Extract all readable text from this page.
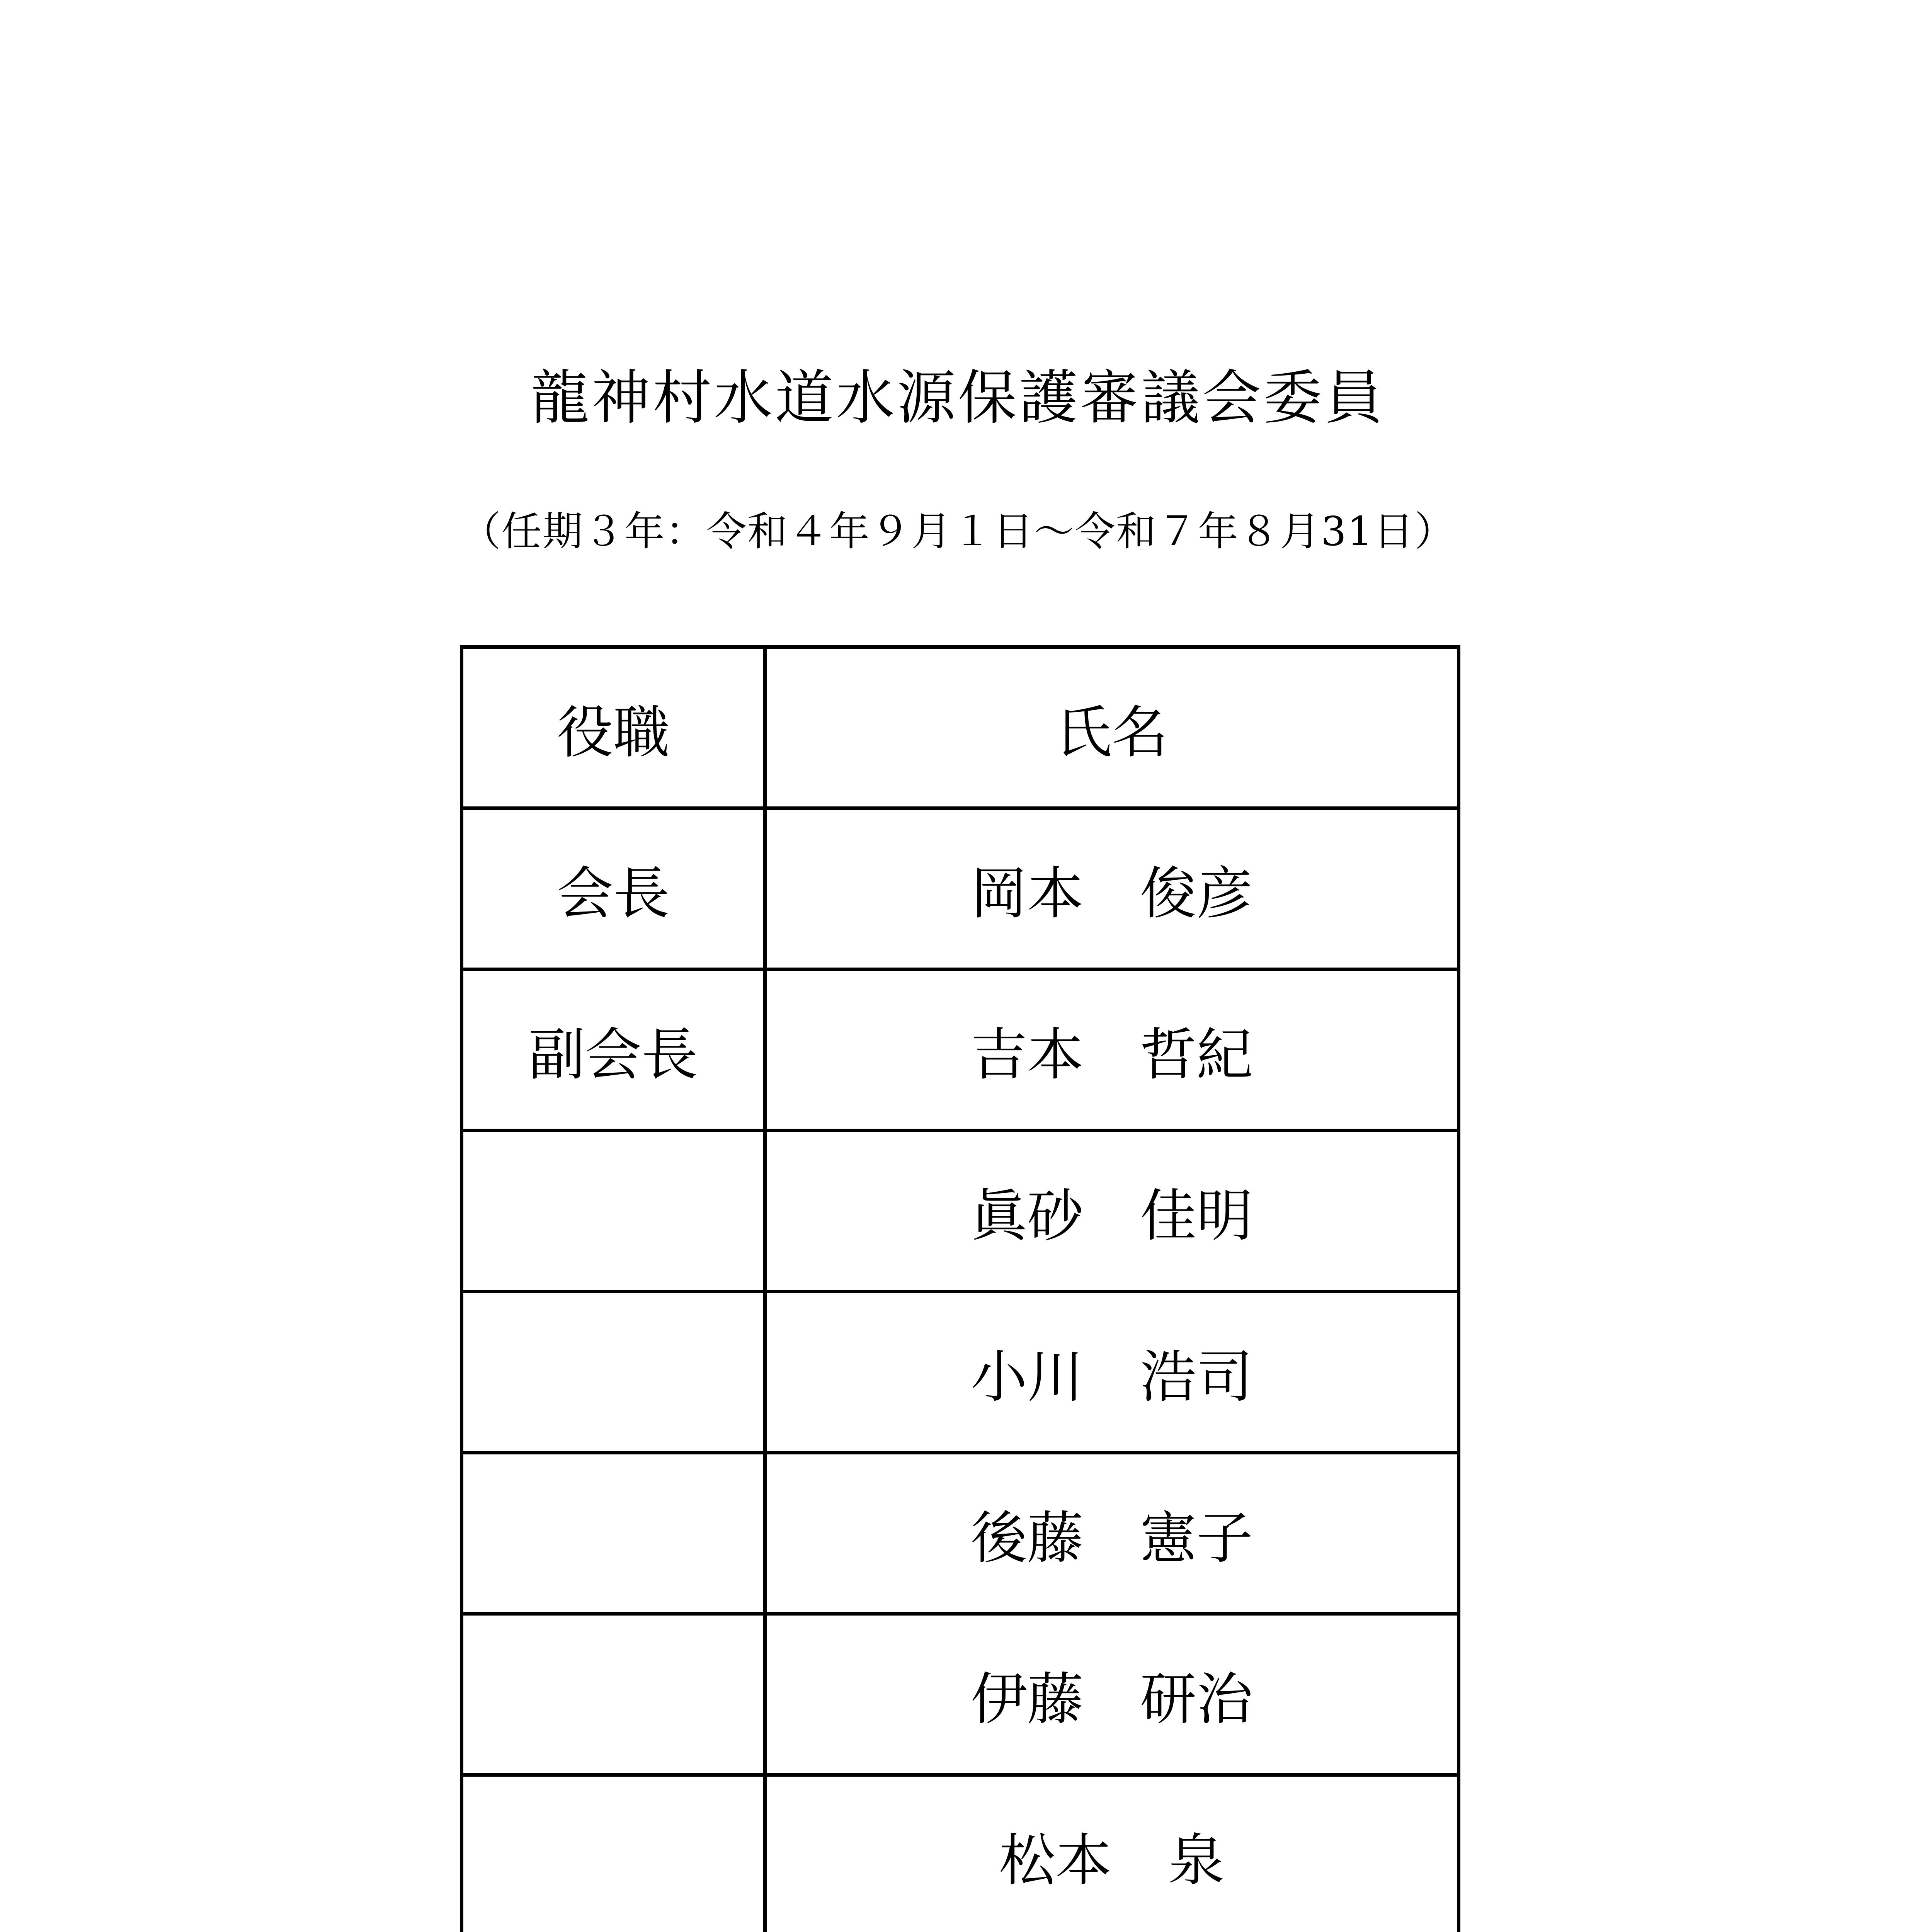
龍神村水道水源保護審議会委員
（任期３年：令和４年９月１日～令和７年８月31日）
役職	氏名
会長	岡本　俊彦
副会長	吉本　哲紀
	眞砂　佳明
	小川　浩司
	後藤　憲子
	伊藤　研治
	松本　泉
